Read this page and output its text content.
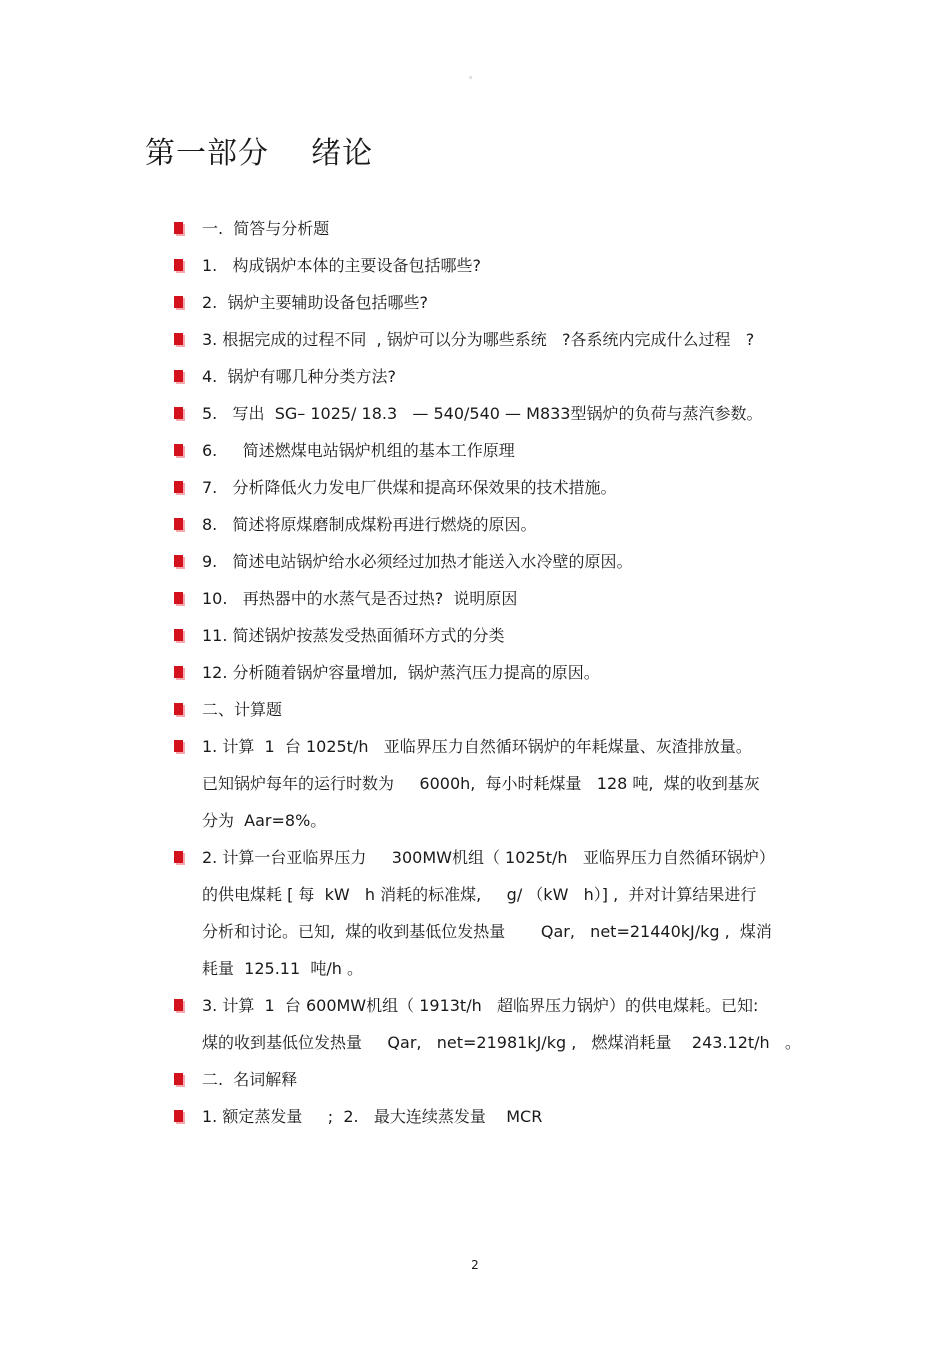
。
第一部分    绪论
一.  简答与分析题
1.   构成锅炉本体的主要设备包括哪些?
2.  锅炉主要辅助设备包括哪些?
3. 根据完成的过程不同  , 锅炉可以分为哪些系统   ?各系统内完成什么过程   ?
4.  锅炉有哪几种分类方法?
5.   写出  SG– 1025/ 18.3   — 540/540 — M833型锅炉的负荷与蒸汽参数。
6.     简述燃煤电站锅炉机组的基本工作原理
7.   分析降低火力发电厂供煤和提高环保效果的技术措施。
8.   简述将原煤磨制成煤粉再进行燃烧的原因。
9.   简述电站锅炉给水必须经过加热才能送入水冷壁的原因。
10.   再热器中的水蒸气是否过热?  说明原因
11. 简述锅炉按蒸发受热面循环方式的分类
12. 分析随着锅炉容量增加,  锅炉蒸汽压力提高的原因。
二、计算题
1. 计算  1  台 1025t/h   亚临界压力自然循环锅炉的年耗煤量、灰渣排放量。
已知锅炉每年的运行时数为     6000h,  每小时耗煤量   128 吨,  煤的收到基灰
分为  Aar=8%。
2. 计算一台亚临界压力     300MW机组（ 1025t/h   亚临界压力自然循环锅炉）
的供电煤耗 [ 每  kW   h 消耗的标准煤,     g/ （kW   h）] ,  并对计算结果进行
分析和讨论。已知,  煤的收到基低位发热量       Qar,   net=21440kJ/kg ,  煤消
耗量  125.11  吨/h 。
3. 计算  1  台 600MW机组（ 1913t/h   超临界压力锅炉）的供电煤耗。已知:
煤的收到基低位发热量     Qar,   net=21981kJ/kg ,   燃煤消耗量    243.12t/h   。
二.  名词解释
1. 额定蒸发量     ;  2.   最大连续蒸发量    MCR
2
